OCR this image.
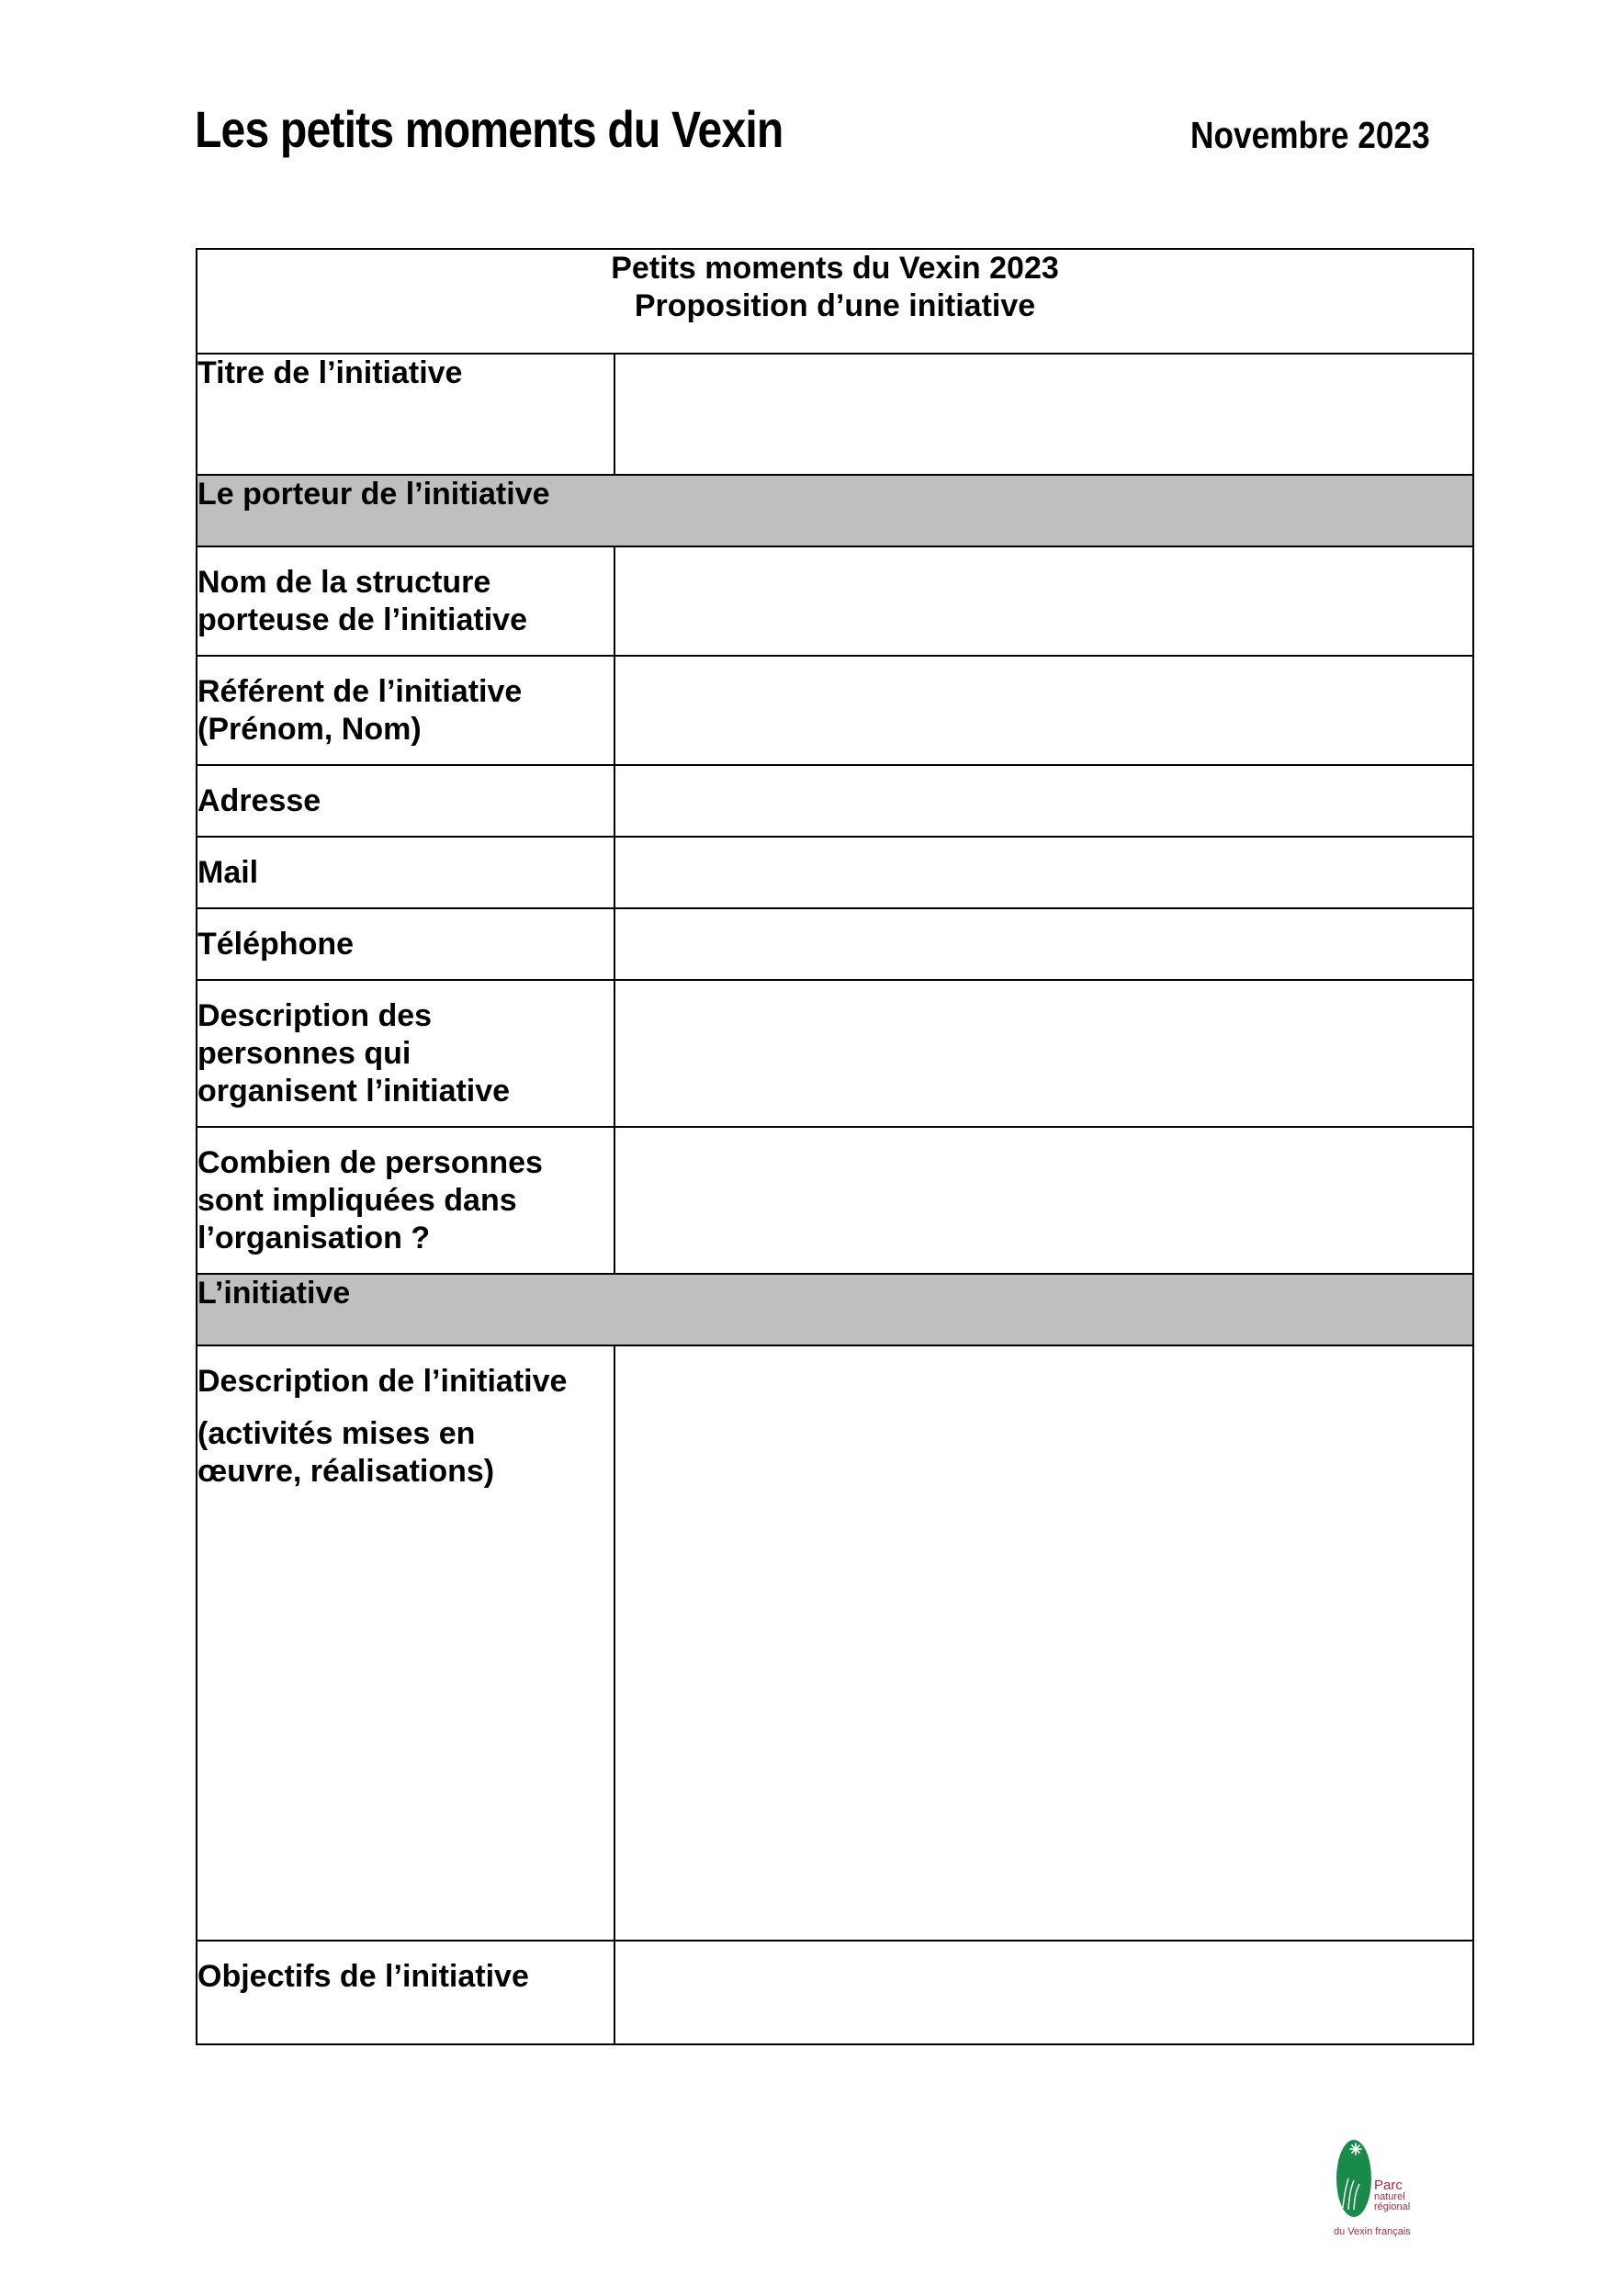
Les petits moments du Vexin	Novembre 2023
Petits moments du Vexin 2023
Proposition d’une initiative	

Titre de l’initiative	
Le porteur de l’initiative	

Nom de la structure
porteuse de l’initiative	

Référent de l’initiative
(Prénom, Nom)	

Adresse	
Mail	
Téléphone	

Description des
personnes qui
organisent l’initiative	

Combien de personnes
sont impliquées dans
l’organisation ?	

L’initiative	

Description de l’initiative
(activités mises en
œuvre, réalisations)	

Objectifs de l’initiative	
Parc
naturel
régional
du Vexin français
